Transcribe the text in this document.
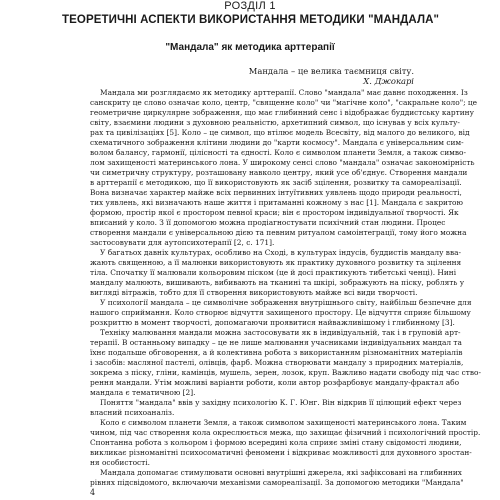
РОЗДІЛ 1
ТЕОРЕТИЧНІ АСПЕКТИ ВИКОРИСТАННЯ МЕТОДИКИ "МАНДАЛА"
"Мандала" як методика арттерапії
Мандала – це велика таємниця світу.
Х. Джокарі
Мандала ми розглядаємо як методику арттерапії. Слово "мандала" має давнє походження. Із
санскриту це слово означає коло, центр, "священне коло" чи "магічне коло", "сакральне коло"; це
геометричне циркулярне зображення, що має глибинний сенс і відображає буддистську картину
світу, взаємини людини з духовною реальністю, архетипний символ, що існував у всіх культу-
рах та цивілізаціях [5]. Коло – це символ, що втілює модель Всесвіту, від малого до великого, від
схематичного зображення клітини людини до "карти космосу". Мандала є універсальним сим-
волом балансу, гармонії, цілісності та єдності. Коло є символом планети Земля, а також симво-
лом захищеності материнського лона. У широкому сенсі слово "мандала" означає закономірність
чи симетричну структуру, розташовану навколо центру, який усе об'єднує. Створення мандали
в арттерапії є методикою, що її використовують як засіб зцілення, розвитку та самореалізації.
Вона визначає характер майже всіх первинних інтуїтивних уявлень щодо природи реальності,
тих уявлень, які визначають наше життя і притаманні кожному з нас [1]. Мандала є закритою
формою, простір якої є простором певної краси; він є простором індивідуальної творчості. Як
вписаний у коло. З її допомогою можна продіагностувати психічний стан людини. Процес
створення мандали є універсальною дією та певним ритуалом самоінтеграції, тому його можна
застосовувати для аутопсихотерапії [2, с. 171].
У багатьох давніх культурах, особливо на Сході, в культурах індусів, буддистів мандалу вва-
жають священною, а її малюнки використовують як практику духовного розвитку та зцілення
тіла. Спочатку її малювали кольоровим піском (це й досі практикують тибетські ченці). Нині
мандалу малюють, вишивають, вибивають на тканині та шкірі, зображують на піску, роблять у
вигляді вітражів, тобто для її створення використовують майже всі види творчості.
У психології мандала – це символічне зображення внутрішнього світу, найбільш безпечне для
нашого сприймання. Коло створює відчуття захищеного простору. Це відчуття сприяє більшому
розкриттю в момент творчості, допомагаючи проявитися найважливішому і глибинному [3].
Техніку малювання мандали можна застосовувати як в індивідуальній, так і в груповій арт-
терапії. В останньому випадку – це не лише малювання учасниками індивідуальних мандал та
їхнє подальше обговорення, а й колективна робота з використанням різноманітних матеріалів
і засобів: масляної пастелі, олівців, фарб. Можна створювати мандалу з природних матеріалів,
зокрема з піску, гліни, камінців, мушель, зерен, лозок, круп. Важливо надати свободу під час ство-
рення мандали. Утім можливі варіанти роботи, коли автор розфарбовує мандалу-фрактал або
мандала є тематичною [2].
Поняття "мандала" ввів у західну психологію К. Г. Юнг. Він відкрив її цілющий ефект через
власний психоаналіз.
Коло є символом планети Земля, а також символом захищеності материнського лона. Таким
чином, під час створення кола окреслюється межа, що захищає фізичний і психологічний простір.
Спонтанна робота з кольором і формою всередині кола сприяє зміні стану свідомості людини,
викликає різноманітні психосоматичні феномени і відкриває можливості для духовного зростан-
ня особистості.
Мандала допомагає стимулювати основні внутрішні джерела, які зафіксовані на глибинних
рівнях підсвідомого, включаючи механізми самореалізації. За допомогою методики "Мандала"
4
